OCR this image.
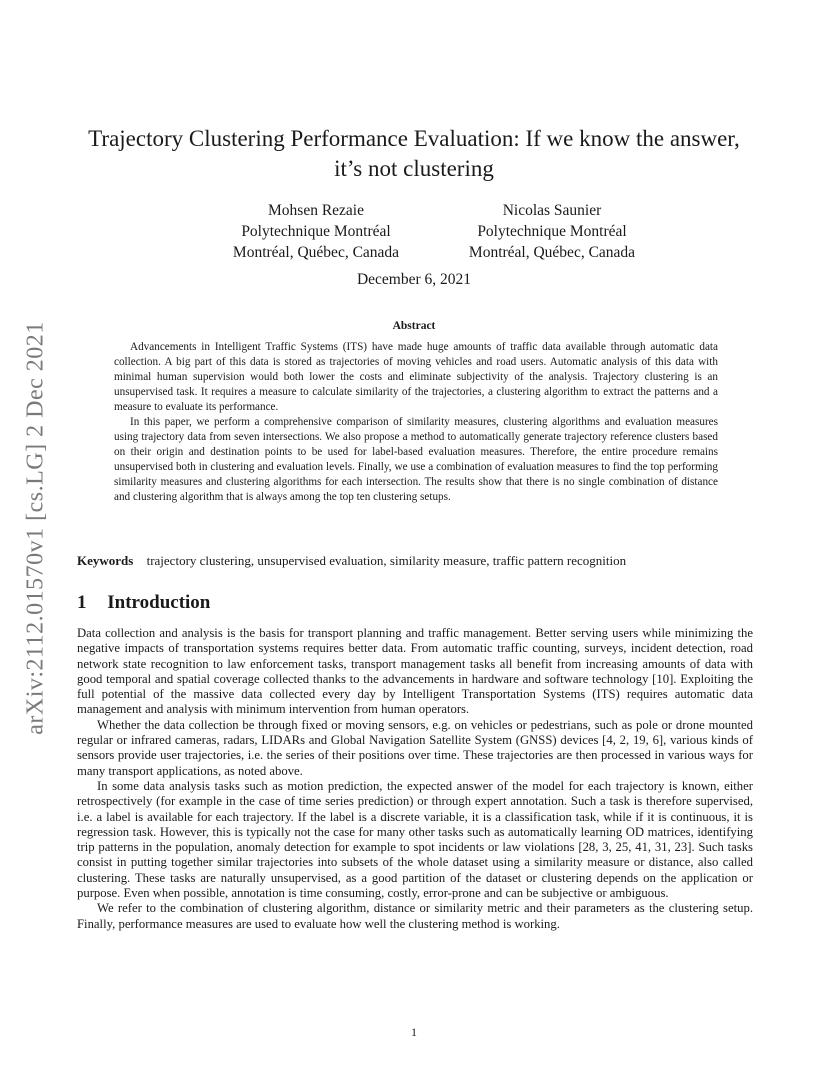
arXiv:2112.01570v1 [cs.LG] 2 Dec 2021
Trajectory Clustering Performance Evaluation: If we know the answer,
it’s not clustering
Mohsen Rezaie
Polytechnique Montréal
Montréal, Québec, Canada
Nicolas Saunier
Polytechnique Montréal
Montréal, Québec, Canada
December 6, 2021
Abstract

Advancements in Intelligent Traffic Systems (ITS) have made huge amounts of traffic data available through automatic data collection. A big part of this data is stored as trajectories of moving vehicles and road users. Automatic analysis of this data with minimal human supervision would both lower the costs and eliminate subjectivity of the analysis. Trajectory clustering is an unsupervised task. It requires a measure to calculate similarity of the trajectories, a clustering algorithm to extract the patterns and a measure to evaluate its performance.

In this paper, we perform a comprehensive comparison of similarity measures, clustering algorithms and evaluation measures using trajectory data from seven intersections. We also propose a method to automatically generate trajectory reference clusters based on their origin and destination points to be used for label-based evaluation measures. Therefore, the entire procedure remains unsupervised both in clustering and evaluation levels. Finally, we use a combination of evaluation measures to find the top performing similarity measures and clustering algorithms for each intersection. The results show that there is no single combination of distance and clustering algorithm that is always among the top ten clustering setups.

Keywords trajectory clustering, unsupervised evaluation, similarity measure, traffic pattern recognition
1 Introduction

Data collection and analysis is the basis for transport planning and traffic management. Better serving users while minimizing the negative impacts of transportation systems requires better data. From automatic traffic counting, surveys, incident detection, road network state recognition to law enforcement tasks, transport management tasks all benefit from increasing amounts of data with good temporal and spatial coverage collected thanks to the advancements in hardware and software technology [10]. Exploiting the full potential of the massive data collected every day by Intelligent Transportation Systems (ITS) requires automatic data management and analysis with minimum intervention from human operators.

Whether the data collection be through fixed or moving sensors, e.g. on vehicles or pedestrians, such as pole or drone mounted regular or infrared cameras, radars, LIDARs and Global Navigation Satellite System (GNSS) devices [4, 2, 19, 6], various kinds of sensors provide user trajectories, i.e. the series of their positions over time. These trajectories are then processed in various ways for many transport applications, as noted above.

In some data analysis tasks such as motion prediction, the expected answer of the model for each trajectory is known, either retrospectively (for example in the case of time series prediction) or through expert annotation. Such a task is therefore supervised, i.e. a label is available for each trajectory. If the label is a discrete variable, it is a classification task, while if it is continuous, it is regression task. However, this is typically not the case for many other tasks such as automatically learning OD matrices, identifying trip patterns in the population, anomaly detection for example to spot incidents or law violations [28, 3, 25, 41, 31, 23]. Such tasks consist in putting together similar trajectories into subsets of the whole dataset using a similarity measure or distance, also called clustering. These tasks are naturally unsupervised, as a good partition of the dataset or clustering depends on the application or purpose. Even when possible, annotation is time consuming, costly, error-prone and can be subjective or ambiguous.

We refer to the combination of clustering algorithm, distance or similarity metric and their parameters as the clustering setup. Finally, performance measures are used to evaluate how well the clustering method is working.

1
